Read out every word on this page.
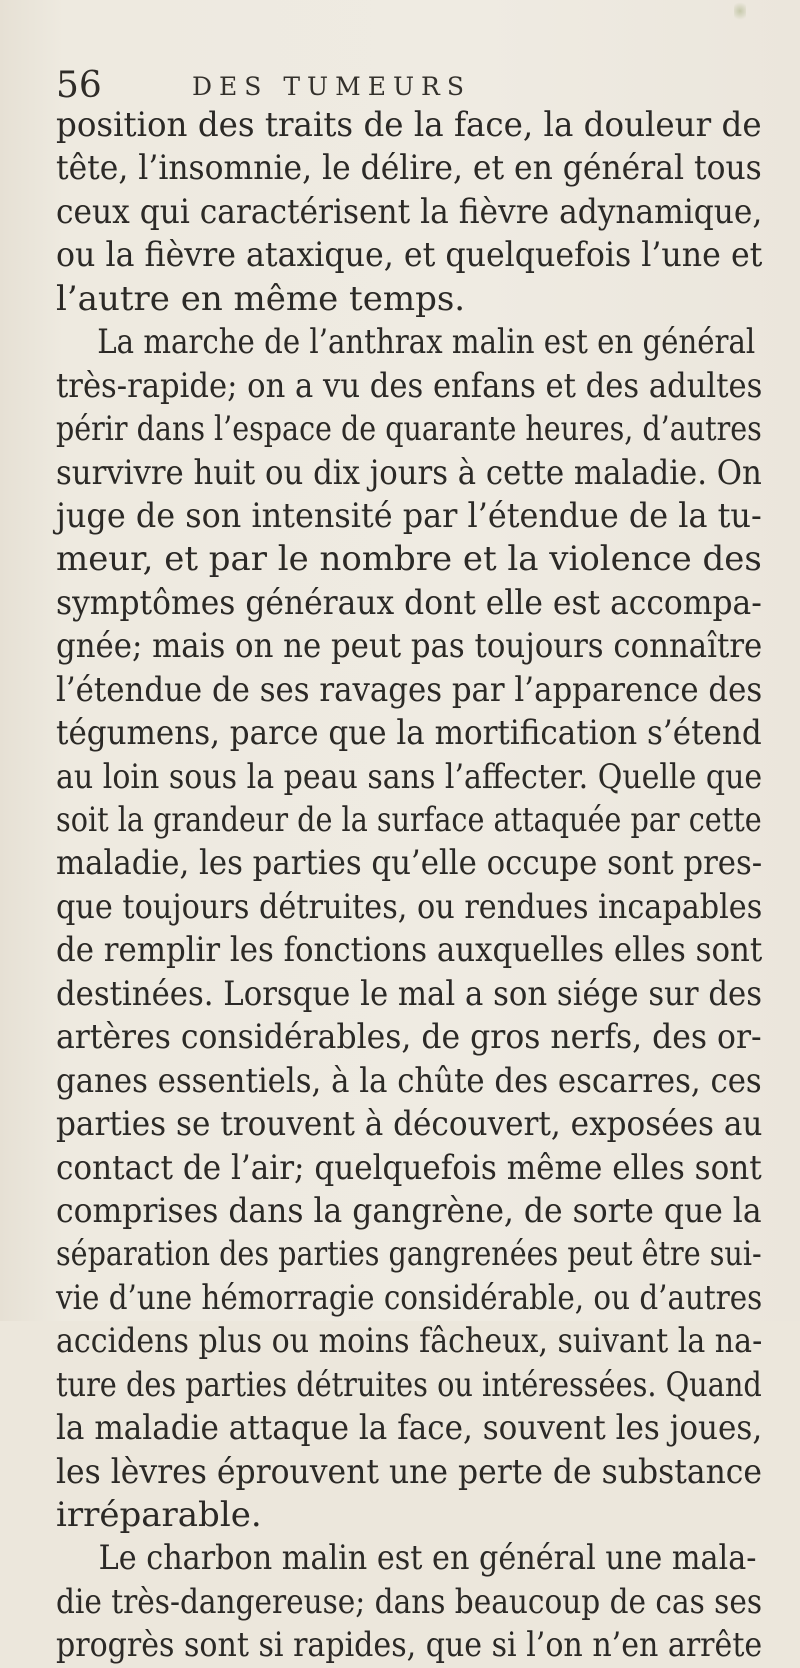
56	DES TUMEURS
position des traits de la face, la douleur de
tête, l’insomnie, le délire, et en général tous
ceux qui caractérisent la fièvre adynamique,
ou la fièvre ataxique, et quelquefois l’une et
l’autre en même temps.
La marche de l’anthrax malin est en général
très-rapide; on a vu des enfans et des adultes
périr dans l’espace de quarante heures, d’autres
survivre huit ou dix jours à cette maladie. On
juge de son intensité par l’étendue de la tu-
meur, et par le nombre et la violence des
symptômes généraux dont elle est accompa-
gnée; mais on ne peut pas toujours connaître
l’étendue de ses ravages par l’apparence des
tégumens, parce que la mortification s’étend
au loin sous la peau sans l’affecter. Quelle que
soit la grandeur de la surface attaquée par cette
maladie, les parties qu’elle occupe sont pres-
que toujours détruites, ou rendues incapables
de remplir les fonctions auxquelles elles sont
destinées. Lorsque le mal a son siége sur des
artères considérables, de gros nerfs, des or-
ganes essentiels, à la chûte des escarres, ces
parties se trouvent à découvert, exposées au
contact de l’air; quelquefois même elles sont
comprises dans la gangrène, de sorte que la
séparation des parties gangrenées peut être sui-
vie d’une hémorragie considérable, ou d’autres
accidens plus ou moins fâcheux, suivant la na-
ture des parties détruites ou intéressées. Quand
la maladie attaque la face, souvent les joues,
les lèvres éprouvent une perte de substance
irréparable.
Le charbon malin est en général une mala-
die très-dangereuse; dans beaucoup de cas ses
progrès sont si rapides, que si l’on n’en arrête
